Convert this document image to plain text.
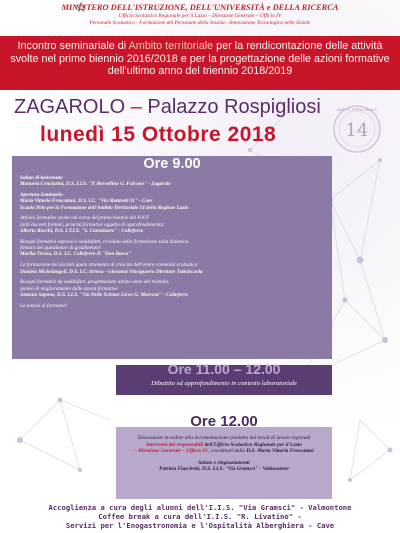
MINISTERO DELL'ISTRUZIONE, DELL'UNIVERSITÀ e DELLA RICERCA
Ufficio Scolastico Regionale per il Lazio – Direzione Generale – Ufficio IV
Personale Scolastico - Formazione del Personale della Scuola - Innovazione Tecnologica nelle Scuole

Incontro seminariale di Ambito territoriale per la rendicontazione delle attività svolte nel primo biennio 2016/2018 e per la progettazione delle azioni formative dell'ultimo anno del triennio 2018/2019

ZAGAROLO – Palazzo Rospigliosi
lunedì 15 Ottobre 2018	14
AMBITO TERRITORIALE
Ore 9.00
Saluto di benvenuto
Manuela Cenciarini, D.S. I.I.S. "P. Borsellino G. Falcone" - Zagarolo
Apertura Seminario
Maria Vittoria Frascatani, D.S. I.C. "Via Matteotti 11" - Cave
Scuola Polo per la Formazione dell'Ambito Territoriale 14 della Regione Lazio
Attività formative svolte nel corso del primo biennio del P.N.F
(dati docenti formati, priorità formative oggetto di approfondimento)
Alberto Rocchi, D.S. I.T.I.S. "S. Cannizzaro" - Colleferro
Bisogni formativi espressi e soddisfatti, ricaduta della formazione sulla didattica
(lettura dei questionari di gradimento)
Marika Trezza, D.S. I.C. Colleferro II "Don Bosco"
La formazione dei docenti quale strumento di crescita dell'intera comunità scolastica
Daniela Michelangeli, D.S. I.C. Artena - Giovanni Vinciguerra Direttore TuttoScuola
Bisogni formativi da soddisfare, progettazione ultimo anno del triennio,
ipotesi di miglioramento delle azioni formative
Antonio Sapone, D.S. I.I.S. "Via Delle Scienze Liceo G. Marconi" - Colleferro
La parola ai formatori
Ore 11.00 – 12.00
Dibattito ed approfondimento in contesto laboratoriale
Ore 12.00

Discussione in ordine alla documentazione prodotta dai tavoli di lavoro regionali
Interventi dei responsabili dell'Ufficio Scolastico Regionale per il Lazio
– Direzione Generale – Ufficio IV, coordinati dalla D.S. Maria Vittoria Frascatani

Saluto e ringraziamenti
Patrizia Fiaschetti, D.S. I.I.S. "Via Gramsci" - Valmontone

Accoglienza a cura degli alunni dell'I.I.S. "Via Gramsci" - Valmontone
Coffee break a cura dell'I.I.S. "R. Livatino" -
Servizi per l'Enogastronomia e l'Ospitalità Alberghiera - Cave
